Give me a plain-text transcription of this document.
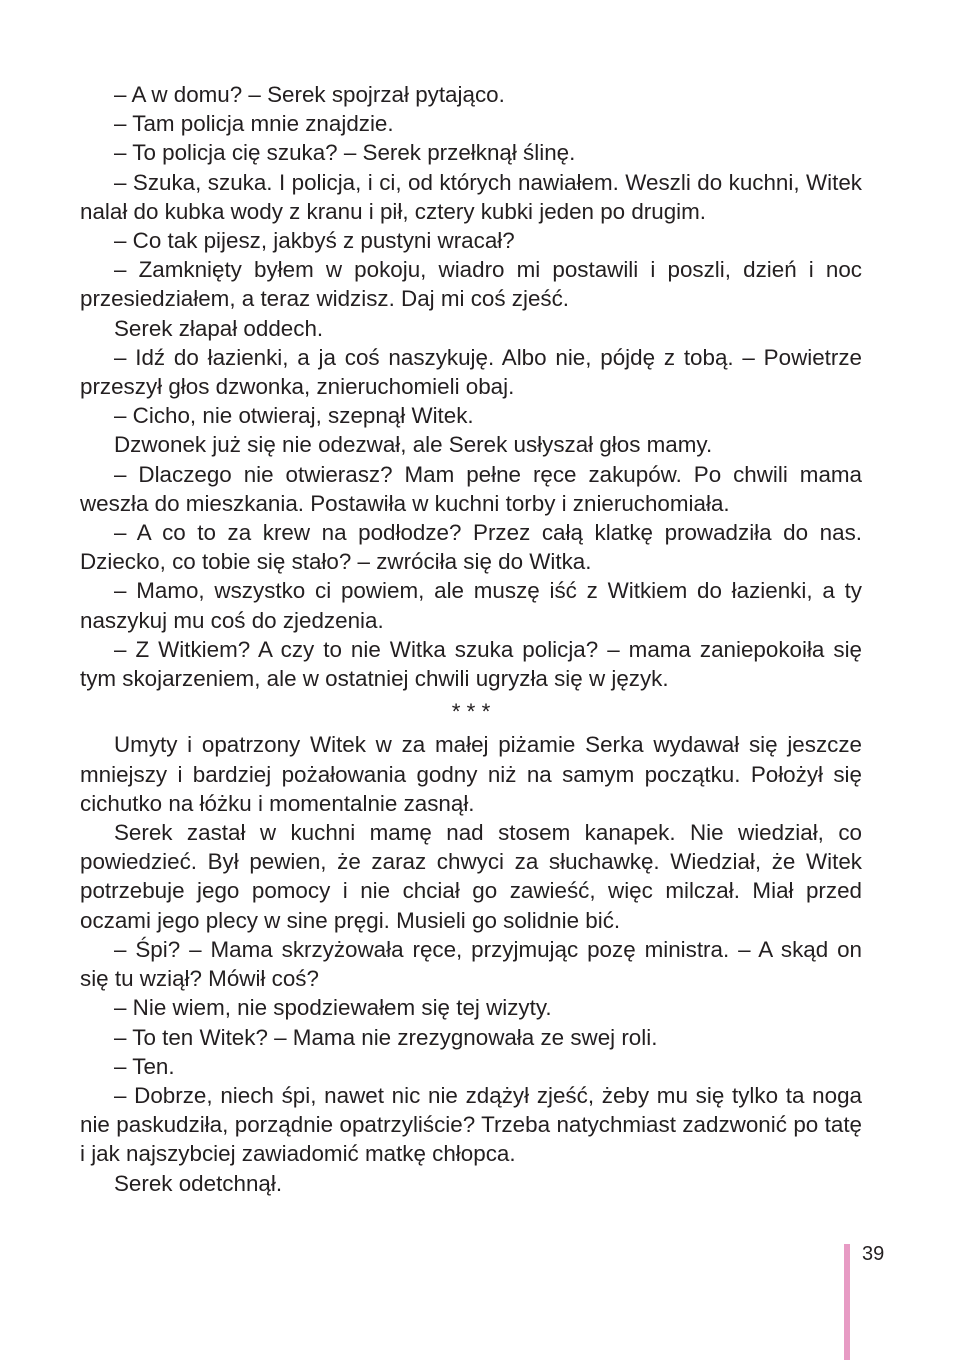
– A w domu? – Serek spojrzał pytająco.

– Tam policja mnie znajdzie.

– To policja cię szuka? – Serek przełknął ślinę.

– Szuka, szuka. I policja, i ci, od których nawiałem. Weszli do kuchni, Witek nalał do kubka wody z kranu i pił, cztery kubki jeden po drugim.

– Co tak pijesz, jakbyś z pustyni wracał?

– Zamknięty byłem w pokoju, wiadro mi postawili i poszli, dzień i noc przesiedziałem, a teraz widzisz. Daj mi coś zjeść.

Serek złapał oddech.

– Idź do łazienki, a ja coś naszykuję. Albo nie, pójdę z tobą. – Powietrze przeszył głos dzwonka, znieruchomieli obaj.

– Cicho, nie otwieraj, szepnął Witek.

Dzwonek już się nie odezwał, ale Serek usłyszał głos mamy.

– Dlaczego nie otwierasz? Mam pełne ręce zakupów. Po chwili mama weszła do mieszkania. Postawiła w kuchni torby i znieruchomiała.

– A co to za krew na podłodze? Przez całą klatkę prowadziła do nas. Dziecko, co tobie się stało? – zwróciła się do Witka.

– Mamo, wszystko ci powiem, ale muszę iść z Witkiem do łazienki, a ty naszykuj mu coś do zjedzenia.

– Z Witkiem? A czy to nie Witka szuka policja? – mama zaniepokoiła się tym skojarzeniem, ale w ostatniej chwili ugryzła się w język.

* * *

Umyty i opatrzony Witek w za małej piżamie Serka wydawał się jeszcze mniejszy i bardziej pożałowania godny niż na samym początku. Położył się cichutko na łóżku i momentalnie zasnął.

Serek zastał w kuchni mamę nad stosem kanapek. Nie wiedział, co powiedzieć. Był pewien, że zaraz chwyci za słuchawkę. Wiedział, że Witek potrzebuje jego pomocy i nie chciał go zawieść, więc milczał. Miał przed oczami jego plecy w sine pręgi. Musieli go solidnie bić.

– Śpi? – Mama skrzyżowała ręce, przyjmując pozę ministra. – A skąd on się tu wziął? Mówił coś?

– Nie wiem, nie spodziewałem się tej wizyty.

– To ten Witek? – Mama nie zrezygnowała ze swej roli.

– Ten.

– Dobrze, niech śpi, nawet nic nie zdążył zjeść, żeby mu się tylko ta noga nie paskudziła, porządnie opatrzyliście? Trzeba natychmiast zadzwonić po tatę i jak najszybciej zawiadomić matkę chłopca.

Serek odetchnął.

39
